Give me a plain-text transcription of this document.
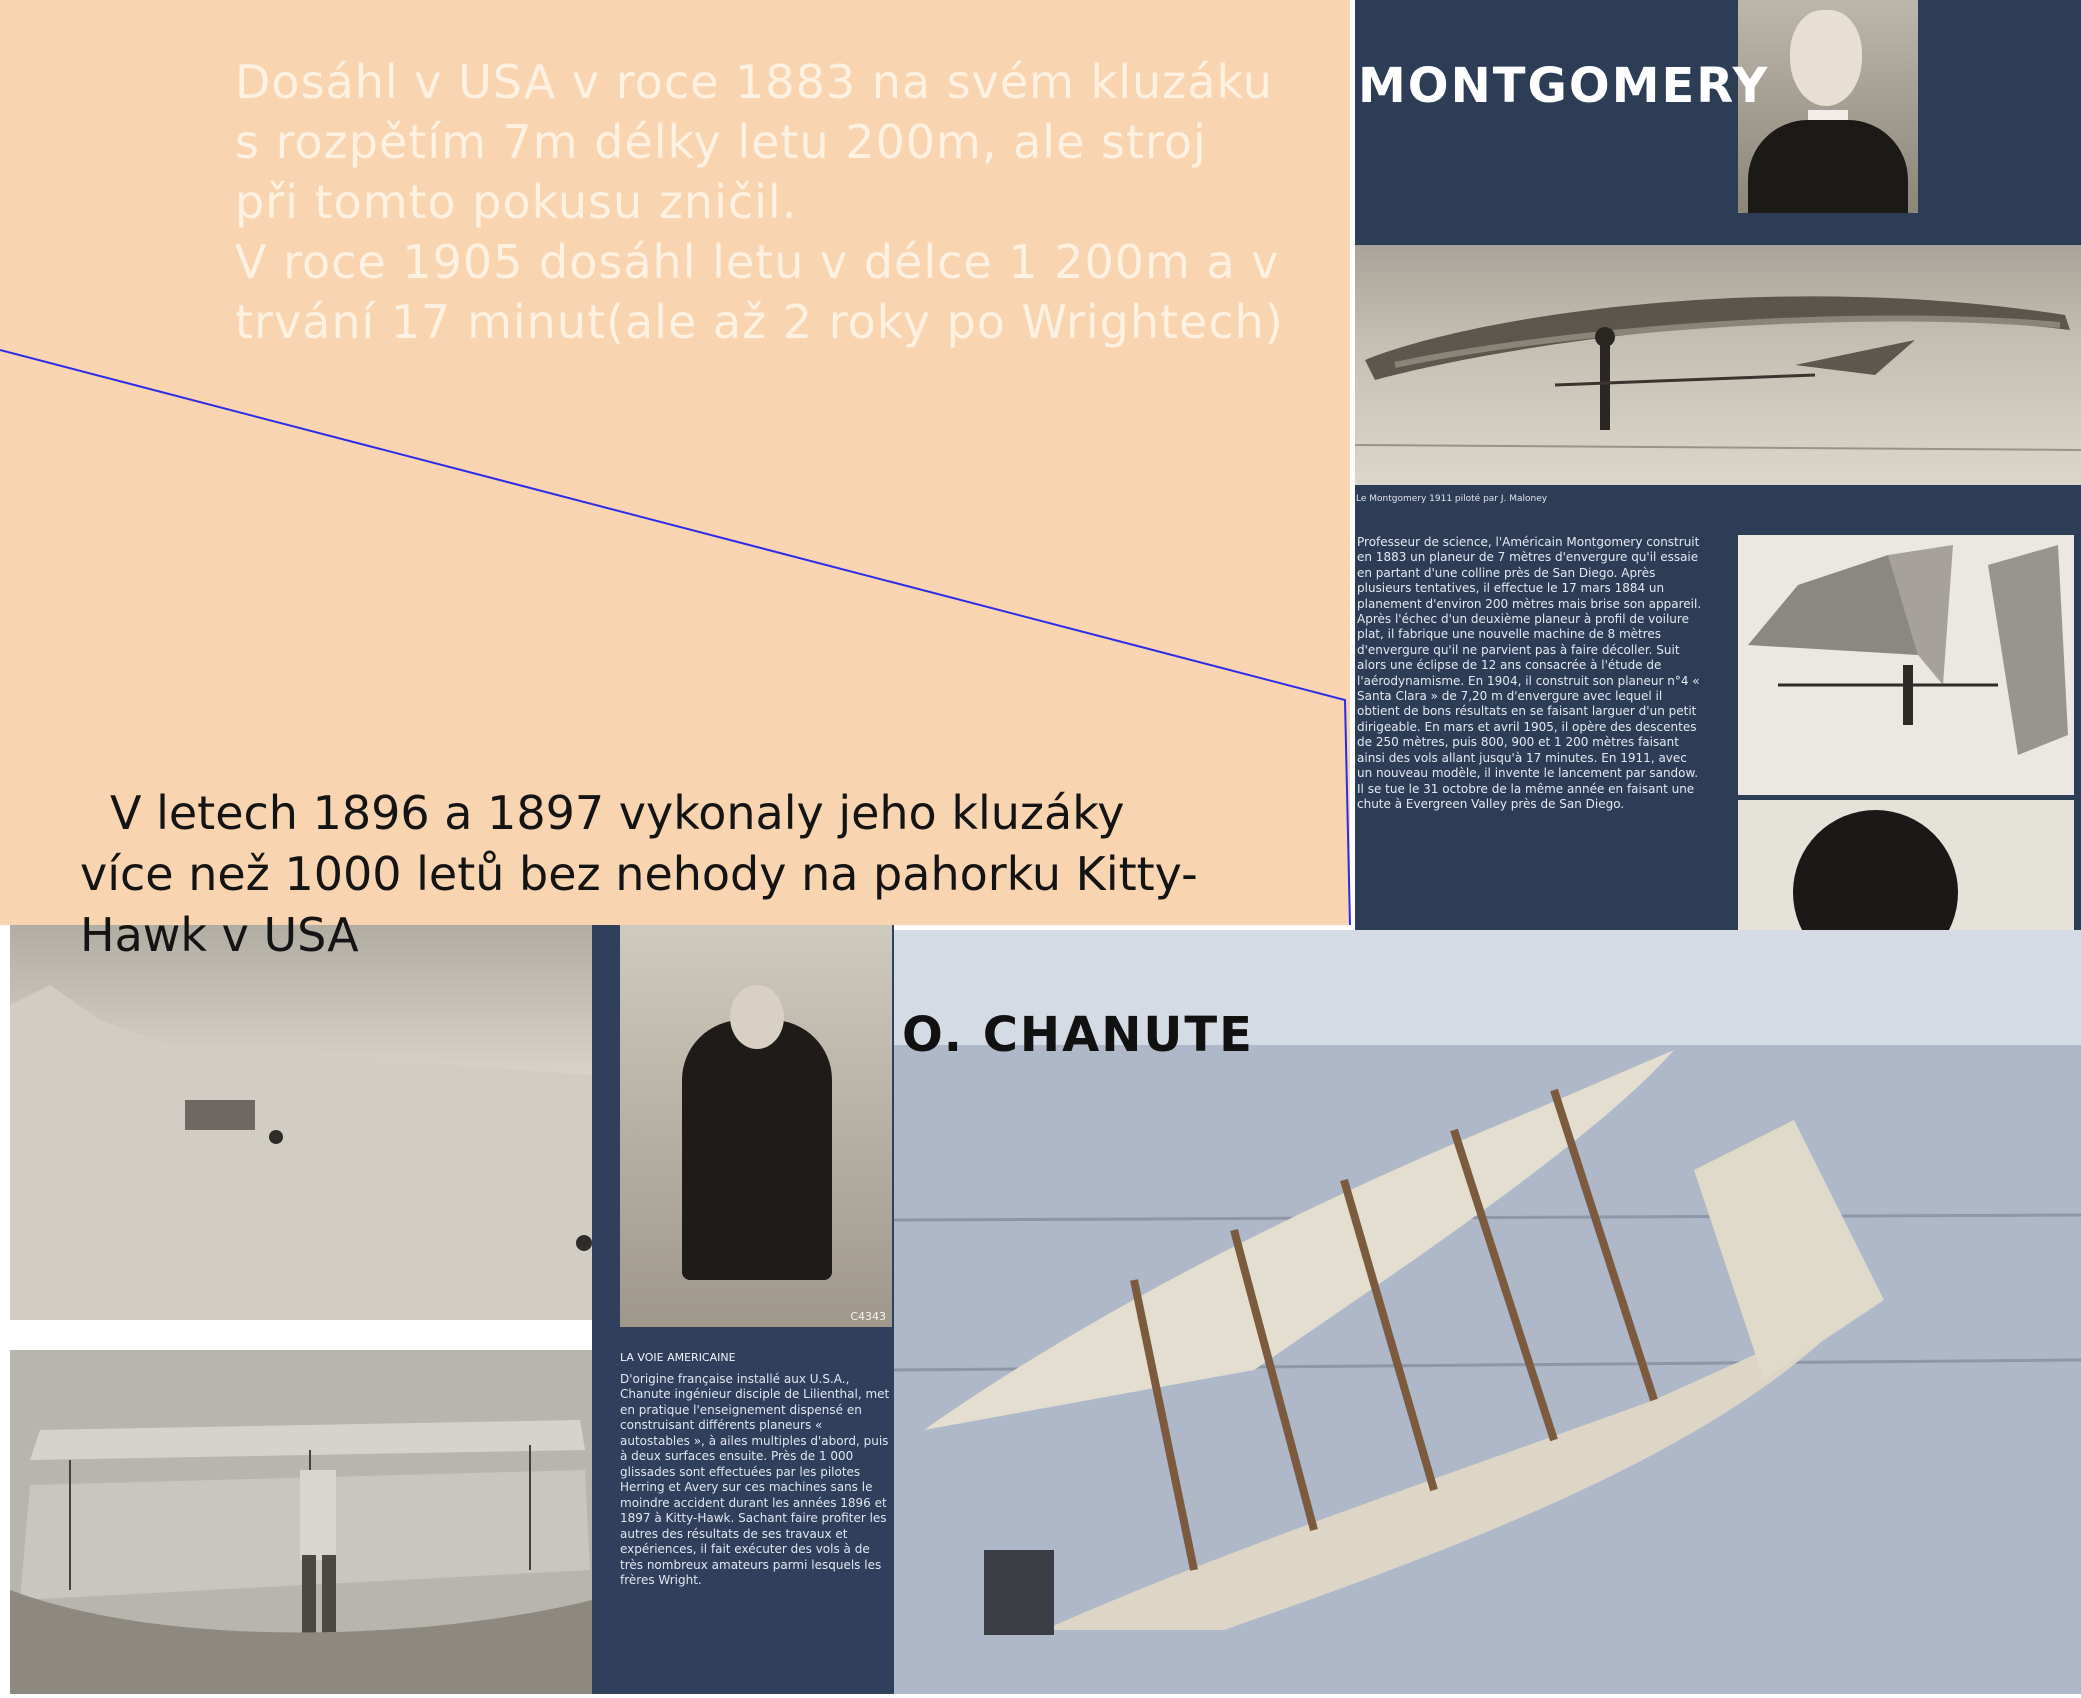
Le Montgomery 1911 piloté par J. Maloney
Professeur de science, l'Américain Montgomery construit en 1883 un planeur de 7 mètres d'envergure qu'il essaie en partant d'une colline près de San Diego. Après plusieurs tentatives, il effectue le 17 mars 1884 un planement d'environ 200 mètres mais brise son appareil. Après l'échec d'un deuxième planeur à profil de voilure plat, il fabrique une nouvelle machine de 8 mètres d'envergure qu'il ne parvient pas à faire décoller. Suit alors une éclipse de 12 ans consacrée à l'étude de l'aérodynamisme. En 1904, il construit son planeur n°4 « Santa Clara » de 7,20 m d'envergure avec lequel il obtient de bons résultats en se faisant larguer d'un petit dirigeable. En mars et avril 1905, il opère des descentes de 250 mètres, puis 800, 900 et 1 200 mètres faisant ainsi des vols allant jusqu'à 17 minutes. En 1911, avec un nouveau modèle, il invente le lancement par sandow. Il se tue le 31 octobre de la même année en faisant une chute à Evergreen Valley près de San Diego.
C4343
LA VOIE AMERICAINE
D'origine française installé aux U.S.A., Chanute ingénieur disciple de Lilienthal, met en pratique l'enseignement dispensé en construisant différents planeurs « autostables », à ailes multiples d'abord, puis à deux surfaces ensuite. Près de 1 000 glissades sont effectuées par les pilotes Herring et Avery sur ces machines sans le moindre accident durant les années 1896 et 1897 à Kitty-Hawk. Sachant faire profiter les autres des résultats de ses travaux et expériences, il fait exécuter des vols à de très nombreux amateurs parmi lesquels les frères Wright.
Dosáhl v USA v roce 1883 na svém kluzáku
s rozpětím 7m délky letu 200m, ale stroj
při tomto pokusu zničil.
V roce 1905 dosáhl letu v délce 1 200m a v
trvání 17 minut(ale až 2 roky po Wrightech)
MONTGOMERY
V letech 1896 a 1897 vykonaly jeho kluzáky
více než 1000 letů bez nehody na pahorku Kitty-
Hawk v USA
O. CHANUTE
